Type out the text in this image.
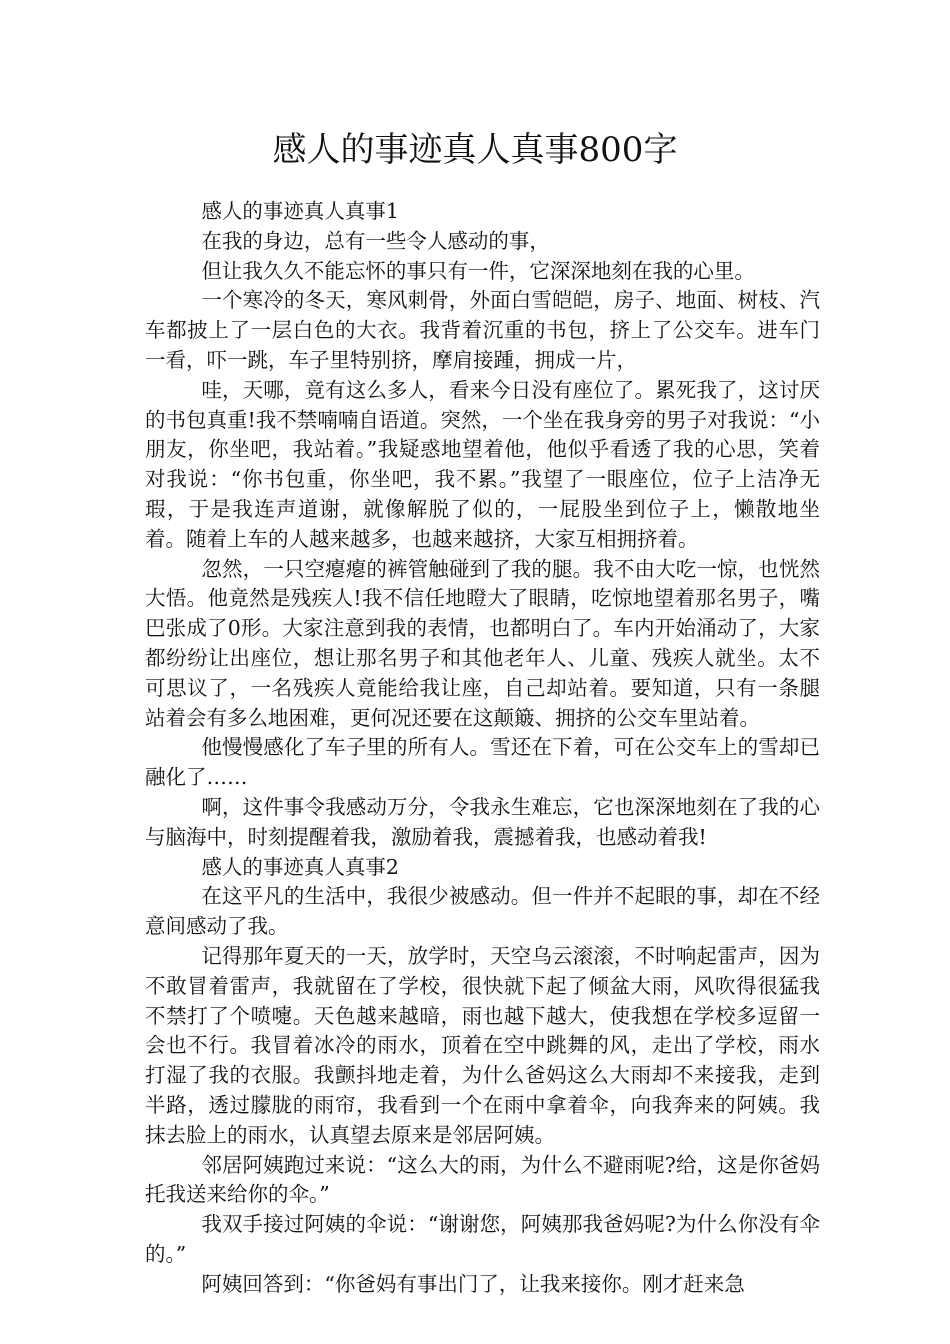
感人的事迹真人真事800字

感人的事迹真人真事1

在我的身边，总有一些令人感动的事，

但让我久久不能忘怀的事只有一件，它深深地刻在我的心里。

一个寒冷的冬天，寒风刺骨，外面白雪皑皑，房子、地面、树枝、汽车都披上了一层白色的大衣。我背着沉重的书包，挤上了公交车。进车门一看，吓一跳，车子里特别挤，摩肩接踵，拥成一片，

哇，天哪，竟有这么多人，看来今日没有座位了。累死我了，这讨厌的书包真重!我不禁喃喃自语道。突然，一个坐在我身旁的男子对我说：“小朋友，你坐吧，我站着。”我疑惑地望着他，他似乎看透了我的心思，笑着对我说：“你书包重，你坐吧，我不累。”我望了一眼座位，位子上洁净无瑕，于是我连声道谢，就像解脱了似的，一屁股坐到位子上，懒散地坐着。随着上车的人越来越多，也越来越挤，大家互相拥挤着。

忽然，一只空瘪瘪的裤管触碰到了我的腿。我不由大吃一惊，也恍然大悟。他竟然是残疾人!我不信任地瞪大了眼睛，吃惊地望着那名男子，嘴巴张成了0形。大家注意到我的表情，也都明白了。车内开始涌动了，大家都纷纷让出座位，想让那名男子和其他老年人、儿童、残疾人就坐。太不可思议了，一名残疾人竟能给我让座，自己却站着。要知道，只有一条腿站着会有多么地困难，更何况还要在这颠簸、拥挤的公交车里站着。

他慢慢感化了车子里的所有人。雪还在下着，可在公交车上的雪却已融化了……

啊，这件事令我感动万分，令我永生难忘，它也深深地刻在了我的心与脑海中，时刻提醒着我，激励着我，震撼着我，也感动着我!

感人的事迹真人真事2

在这平凡的生活中，我很少被感动。但一件并不起眼的事，却在不经意间感动了我。

记得那年夏天的一天，放学时，天空乌云滚滚，不时响起雷声，因为不敢冒着雷声，我就留在了学校，很快就下起了倾盆大雨，风吹得很猛我不禁打了个喷嚏。天色越来越暗，雨也越下越大，使我想在学校多逗留一会也不行。我冒着冰冷的雨水，顶着在空中跳舞的风，走出了学校，雨水打湿了我的衣服。我颤抖地走着，为什么爸妈这么大雨却不来接我，走到半路，透过朦胧的雨帘，我看到一个在雨中拿着伞，向我奔来的阿姨。我抹去脸上的雨水，认真望去原来是邻居阿姨。

邻居阿姨跑过来说：“这么大的雨，为什么不避雨呢?给，这是你爸妈托我送来给你的伞。”

我双手接过阿姨的伞说：“谢谢您，阿姨那我爸妈呢?为什么你没有伞的。”

阿姨回答到：“你爸妈有事出门了，让我来接你。刚才赶来急
